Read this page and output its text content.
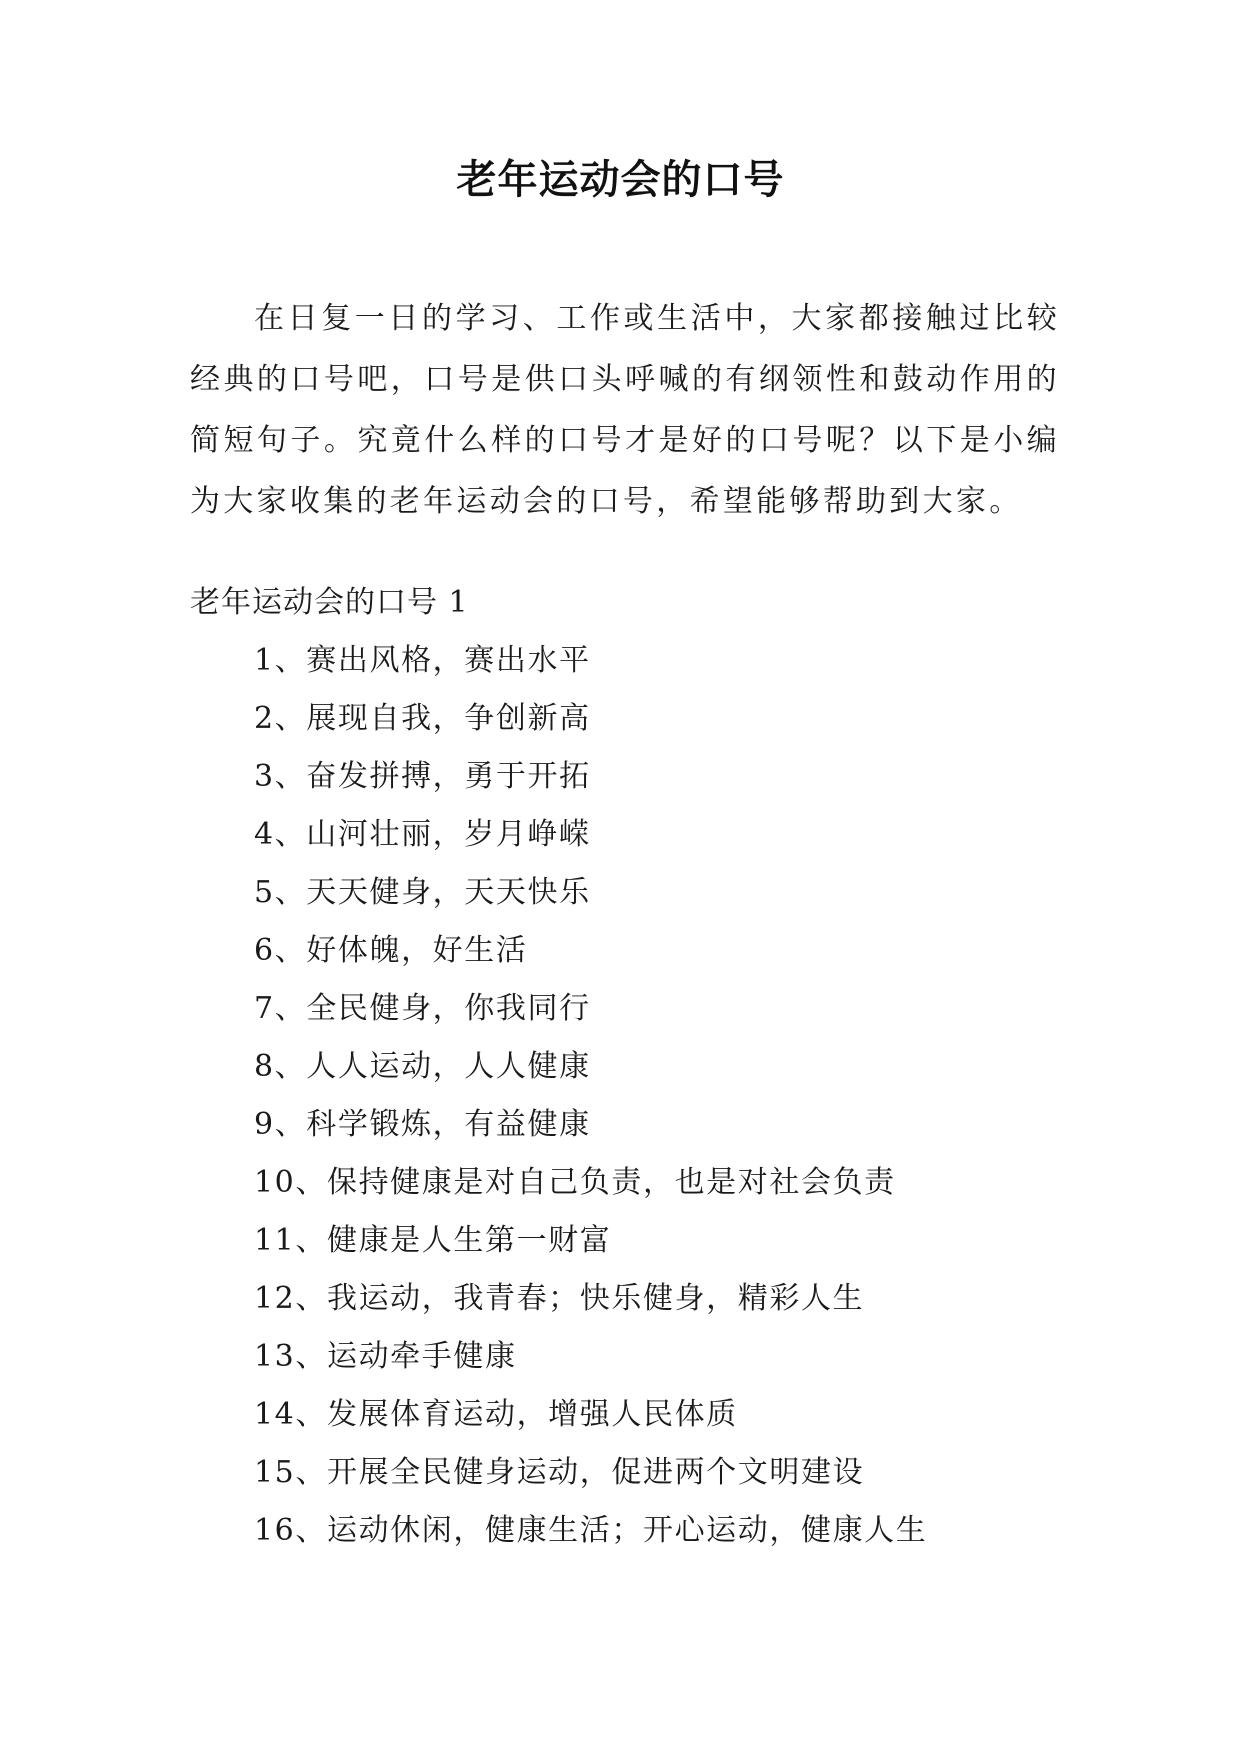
老年运动会的口号

在日复一日的学习、工作或生活中，大家都接触过比较经典的口号吧，口号是供口头呼喊的有纲领性和鼓动作用的简短句子。究竟什么样的口号才是好的口号呢？以下是小编为大家收集的老年运动会的口号，希望能够帮助到大家。

老年运动会的口号 1
1、赛出风格，赛出水平
2、展现自我，争创新高
3、奋发拼搏，勇于开拓
4、山河壮丽，岁月峥嵘
5、天天健身，天天快乐
6、好体魄，好生活
7、全民健身，你我同行
8、人人运动，人人健康
9、科学锻炼，有益健康
10、保持健康是对自己负责，也是对社会负责
11、健康是人生第一财富
12、我运动，我青春；快乐健身，精彩人生
13、运动牵手健康
14、发展体育运动，增强人民体质
15、开展全民健身运动，促进两个文明建设
16、运动休闲，健康生活；开心运动，健康人生
